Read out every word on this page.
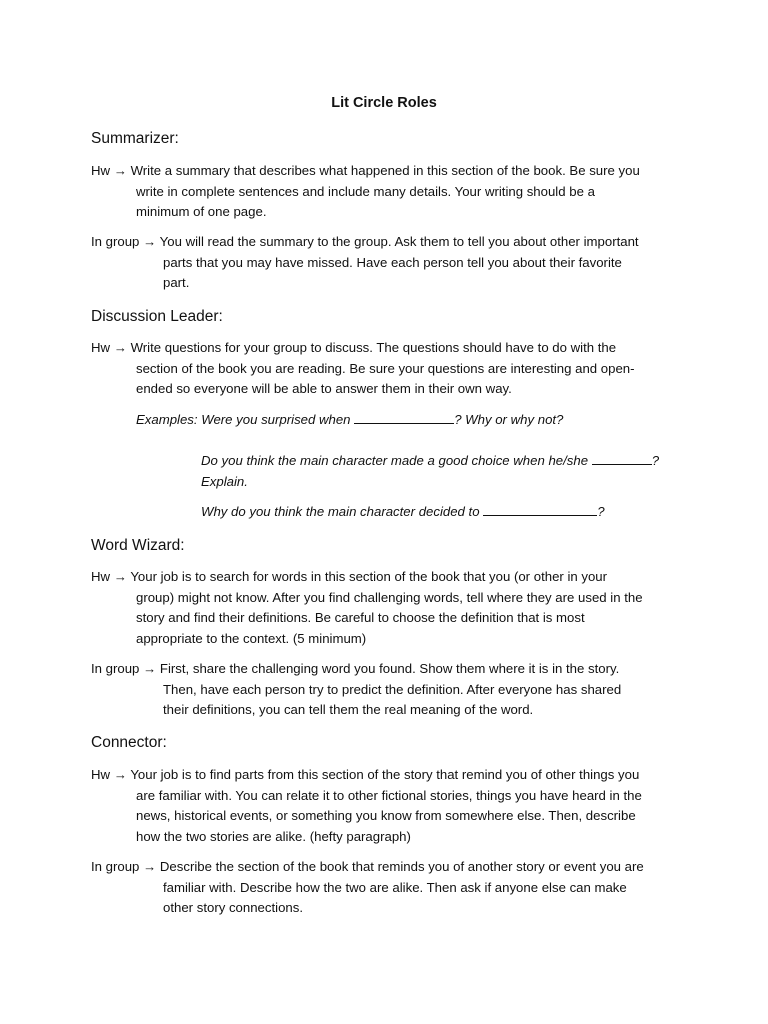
Lit Circle Roles
Summarizer:
Hw → Write a summary that describes what happened in this section of the book. Be sure you
write in complete sentences and include many details. Your writing should be a
minimum of one page.
In group → You will read the summary to the group. Ask them to tell you about other important
parts that you may have missed. Have each person tell you about their favorite
part.
Discussion Leader:
Hw → Write questions for your group to discuss. The questions should have to do with the
section of the book you are reading. Be sure your questions are interesting and open-
ended so everyone will be able to answer them in their own way.
Examples: Were you surprised when	? Why or why not?
Do you think the main character made a good choice when he/she	?
Explain.
Why do you think the main character decided to	?
Word Wizard:
Hw → Your job is to search for words in this section of the book that you (or other in your
group) might not know. After you find challenging words, tell where they are used in the
story and find their definitions. Be careful to choose the definition that is most
appropriate to the context. (5 minimum)
In group → First, share the challenging word you found. Show them where it is in the story.
Then, have each person try to predict the definition. After everyone has shared
their definitions, you can tell them the real meaning of the word.
Connector:
Hw → Your job is to find parts from this section of the story that remind you of other things you
are familiar with. You can relate it to other fictional stories, things you have heard in the
news, historical events, or something you know from somewhere else. Then, describe
how the two stories are alike. (hefty paragraph)
In group → Describe the section of the book that reminds you of another story or event you are
familiar with. Describe how the two are alike. Then ask if anyone else can make
other story connections.
